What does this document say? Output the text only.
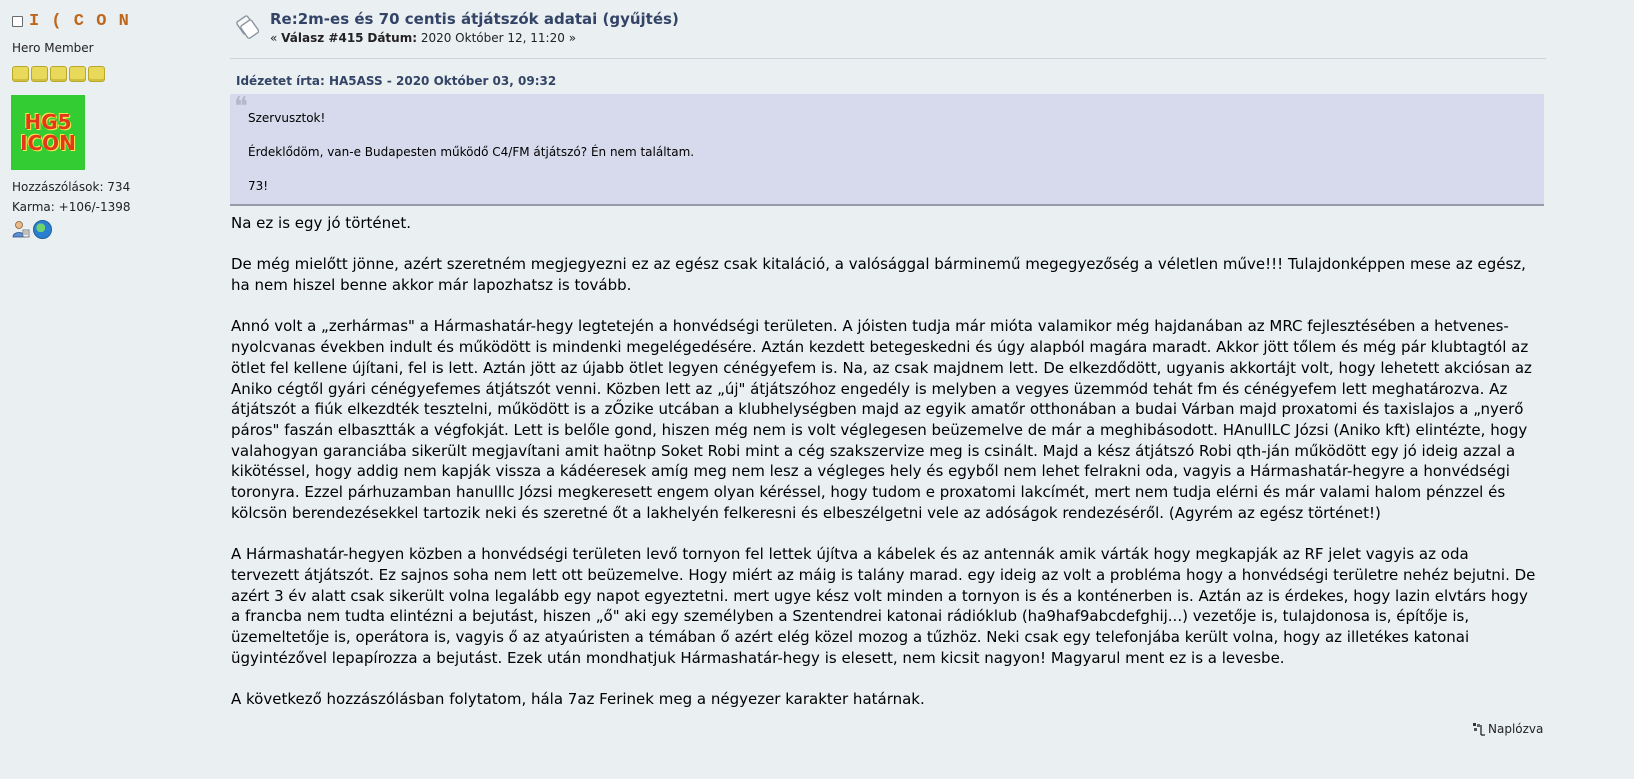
I ( C O N
Hero Member
HG5
ICON
Hozzászólások: 734
Karma: +106/-1398
Re:2m-es és 70 centis átjátszók adatai (gyűjtés)
« Válasz #415 Dátum: 2020 Október 12, 11:20 »
Idézetet írta: HA5ASS - 2020 Október 03, 09:32
❝ Szervusztok!
Érdeklődöm, van-e Budapesten működő C4/FM átjátszó? Én nem találtam.
73!

Na ez is egy jó történet.

De még mielőtt jönne, azért szeretném megjegyezni ez az egész csak kitaláció, a valósággal bárminemű megegyezőség a véletlen műve!!! Tulajdonképpen mese az egész, ha nem hiszel benne akkor már lapozhatsz is tovább.

Annó volt a „zerhármas" a Hármashatár-hegy legtetején a honvédségi területen. A jóisten tudja már mióta valamikor még hajdanában az MRC fejlesztésében a hetvenes-nyolcvanas években indult és működött is mindenki megelégedésére. Aztán kezdett betegeskedni és úgy alapból magára maradt. Akkor jött tőlem és még pár klubtagtól az ötlet fel kellene újítani, fel is lett. Aztán jött az újabb ötlet legyen cénégyefem is. Na, az csak majdnem lett. De elkezdődött, ugyanis akkortájt volt, hogy lehetett akciósan az Aniko cégtől gyári cénégyefemes átjátszót venni. Közben lett az „új" átjátszóhoz engedély is melyben a vegyes üzemmód tehát fm és cénégyefem lett meghatározva. Az átjátszót a fiúk elkezdték tesztelni, működött is a zŐzike utcában a klubhelységben majd az egyik amatőr otthonában a budai Várban majd proxatomi és taxislajos a „nyerő páros" faszán elbasztták a végfokját. Lett is belőle gond, hiszen még nem is volt véglegesen beüzemelve de már a meghibásodott. HAnullLC Józsi (Aniko kft) elintézte, hogy valahogyan garanciába sikerült megjavítani amit haötnp Soket Robi mint a cég szakszervize meg is csinált. Majd a kész átjátszó Robi qth-ján működött egy jó ideig azzal a kikötéssel, hogy addig nem kapják vissza a kádéeresek amíg meg nem lesz a végleges hely és egyből nem lehet felrakni oda, vagyis a Hármashatár-hegyre a honvédségi toronyra. Ezzel párhuzamban hanulllc Józsi megkeresett engem olyan kéréssel, hogy tudom e proxatomi lakcímét, mert nem tudja elérni és már valami halom pénzzel és kölcsön berendezésekkel tartozik neki és szeretné őt a lakhelyén felkeresni és elbeszélgetni vele az adóságok rendezéséről. (Agyrém az egész történet!)

A Hármashatár-hegyen közben a honvédségi területen levő tornyon fel lettek újítva a kábelek és az antennák amik várták hogy megkapják az RF jelet vagyis az oda tervezett átjátszót. Ez sajnos soha nem lett ott beüzemelve. Hogy miért az máig is talány marad. egy ideig az volt a probléma hogy a honvédségi területre nehéz bejutni. De azért 3 év alatt csak sikerült volna legalább egy napot egyeztetni. mert ugye kész volt minden a tornyon is és a konténerben is. Aztán az is érdekes, hogy lazin elvtárs hogy a francba nem tudta elintézni a bejutást, hiszen „ő" aki egy személyben a Szentendrei katonai rádióklub (ha9haf9abcdefghij...) vezetője is, tulajdonosa is, építője is, üzemeltetője is, operátora is, vagyis ő az atyaúristen a témában ő azért elég közel mozog a tűzhöz. Neki csak egy telefonjába került volna, hogy az illetékes katonai ügyintézővel lepapírozza a bejutást. Ezek után mondhatjuk Hármashatár-hegy is elesett, nem kicsit nagyon! Magyarul ment ez is a levesbe.

A következő hozzászólásban folytatom, hála 7az Ferinek meg a négyezer karakter határnak.

Naplózva
